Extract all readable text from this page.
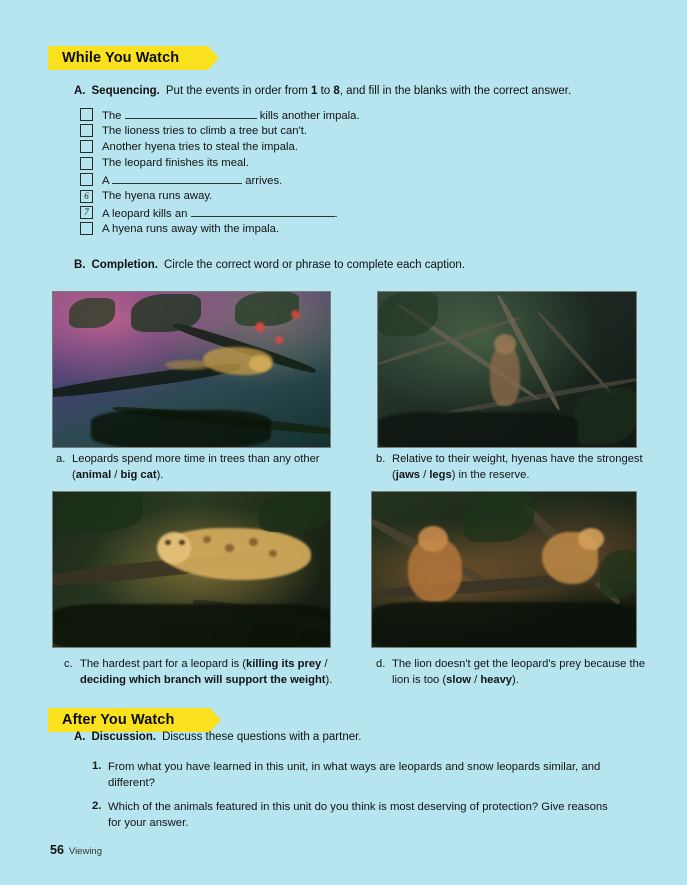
While You Watch
A. Sequencing. Put the events in order from 1 to 8, and fill in the blanks with the correct answer.
The	kills another impala.
The lioness tries to climb a tree but can't.
Another hyena tries to steal the impala.
The leopard finishes its meal.
A	arrives.
6	The hyena runs away.
7	A leopard kills an	.
A hyena runs away with the impala.
B. Completion. Circle the correct word or phrase to complete each caption.
a. Leopards spend more time in trees than any other (animal / big cat).
b. Relative to their weight, hyenas have the strongest (jaws / legs) in the reserve.
c. The hardest part for a leopard is (killing its prey / deciding which branch will support the weight).
d. The lion doesn't get the leopard's prey because the lion is too (slow / heavy).
After You Watch
A. Discussion. Discuss these questions with a partner.
1. From what you have learned in this unit, in what ways are leopards and snow leopards similar, and different?
2. Which of the animals featured in this unit do you think is most deserving of protection? Give reasons for your answer.
56 Viewing
